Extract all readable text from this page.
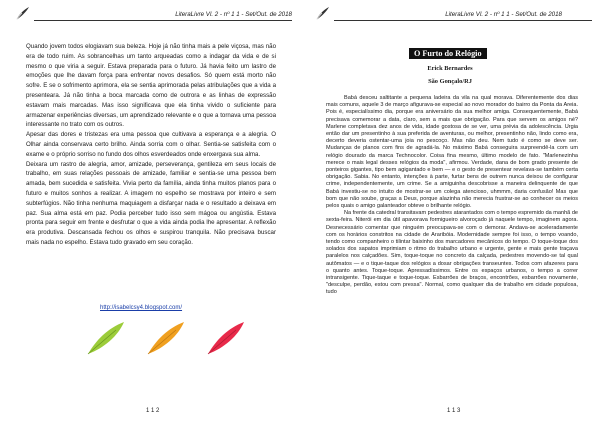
LiteraLivre Vl. 2 - nº 1 1 - Set/Out. de 2018

Quando jovem todos elogiavam sua beleza. Hoje já não tinha mais a pele viçosa, mas não era de todo ruim. As sobrancelhas um tanto arqueadas como a indagar da vida e de si mesmo o que viria a seguir. Estava preparada para o futuro. Já havia feito um lastro de emoções que lhe davam força para enfrentar novos desafios. Só quem está morto não sofre. E se o sofrimento aprimora, ela se sentia aprimorada pelas atribulações que a vida a presenteara. Já não tinha a boca marcada como de outrora e as linhas de expressão estavam mais marcadas. Mas isso significava que ela tinha vivido o suficiente para armazenar experiências diversas, um aprendizado relevante e o que a tornava uma pessoa interessante no trato com os outros.

Apesar das dores e tristezas era uma pessoa que cultivava a esperança e a alegria. O Olhar ainda conservava certo brilho. Ainda sorria com o olhar. Sentia-se satisfeita com o exame e o próprio sorriso no fundo dos olhos esverdeados onde enxergava sua alma.

Deixara um rastro de alegria, amor, amizade, perseverança, gentileza em seus locais de trabalho, em suas relações pessoais de amizade, familiar e sentia-se uma pessoa bem amada, bem sucedida e satisfeita. Vivia perto da família, ainda tinha muitos planos para o futuro e muitos sonhos a realizar. A imagem no espelho se mostrava por inteiro e sem subterfúgios. Não tinha nenhuma maquiagem a disfarçar nada e o resultado a deixava em paz. Sua alma está em paz. Podia perceber tudo isso sem mágoa ou angústia. Estava pronta para seguir em frente e desfrutar o que a vida ainda podia lhe apresentar. A reflexão era produtiva. Descansada fechou os olhos e suspirou tranquila. Não precisava buscar mais nada no espelho. Estava tudo gravado em seu coração.

http://isabelcsy4.blogspot.com/
1 1 2
LiteraLivre Vl. 2 - nº 1 1 - Set/Out. de 2018
O Furto do Relógio
Erick Bernardes
São Gonçalo/RJ

Babá desceu saltitante a pequena ladeira da vila na qual morava. Diferentemente dos dias mais comuns, aquele 3 de março afigurava-se especial ao novo morador do bairro da Ponta da Areia. Pois é, especialíssimo dia, porque era aniversário da sua melhor amiga. Consequentemente, Babá precisava comemorar a data, claro, sem a mais que obrigação. Para que servem os amigos né? Marlene completava dez anos de vida, idade gostosa de se ver, uma prévia da adolescência. Urgia então dar um presentinho à sua preferida de aventuras, ou melhor, presentinho não, lindo como era, decerto deveria ostentar-uma joia no pescoço. Mas não deu. Nem tudo é como se deve ser. Mudanças de planos com fins de agradá-la. No máximo Babá conseguira surpreendê-la com um relógio dourado da marca Technocolor. Coisa fina mesmo, último modelo de fato. "Marlenezinha merece o mais legal desses relógios da moda", afirmou. Verdade, dana de bom grado presente de ponteiros gigantes, tipo bem agigantado e bem — e o gesto de presentear revelava-se também certa obrigação. Sabia. No entanto, intenções à parte, furtar bens de outrem nunca deixou de configurar crime, independentemente, um crime. Se a amiguinha descobrisse a maneira delinquente de que Babá investiu-se no intuito de mostrar-se um colega atencioso, uhmmm, daria confusão! Mas que bom que não soube, graças a Deus, porque alazinha não merecia frustrar-se ao conhecer os meios pelos quais o amigo galanteador obteve o brilhante relógio.

Na frente da catedral transitavam pedestres atarantados com o tempo espremido da manhã de sexta-feira. Niterói em dia útil apavorava formigueiro alvoroçado já naquele tempo, imaginem agora. Desnecessário comentar que ninguém preocupava-se com o demorar. Andava-se aceleradamente com os horários constritos na cidade de Araribóia. Modernidade sempre foi isso, o tempo voando, tendo como companheiro o tilintar baixinho dos marcadores mecânicos do tempo. O toque-toque dos solados dos sapatos imprimiam o ritmo do trabalho urbano e urgente, gente e mais gente traçava paralelos nos calçadões. Sim, toque-toque no concreto da calçada, pedestres movendo-se tal qual autômatos — e o tique-taque dos relógios a dosar obrigações transeuntes. Todos com afazeres para o quanto antes. Toque-toque. Apressadíssimos. Entre os espaços urbanos, o tempo a correr intransigente. Tique-taque e toque-toque. Esbarrões de braços, encontrões, esbarrões novamente, "desculpe, perdão, estou com pressa". Normal, como qualquer dia de trabalho em cidade populosa, tudo

1 1 3
